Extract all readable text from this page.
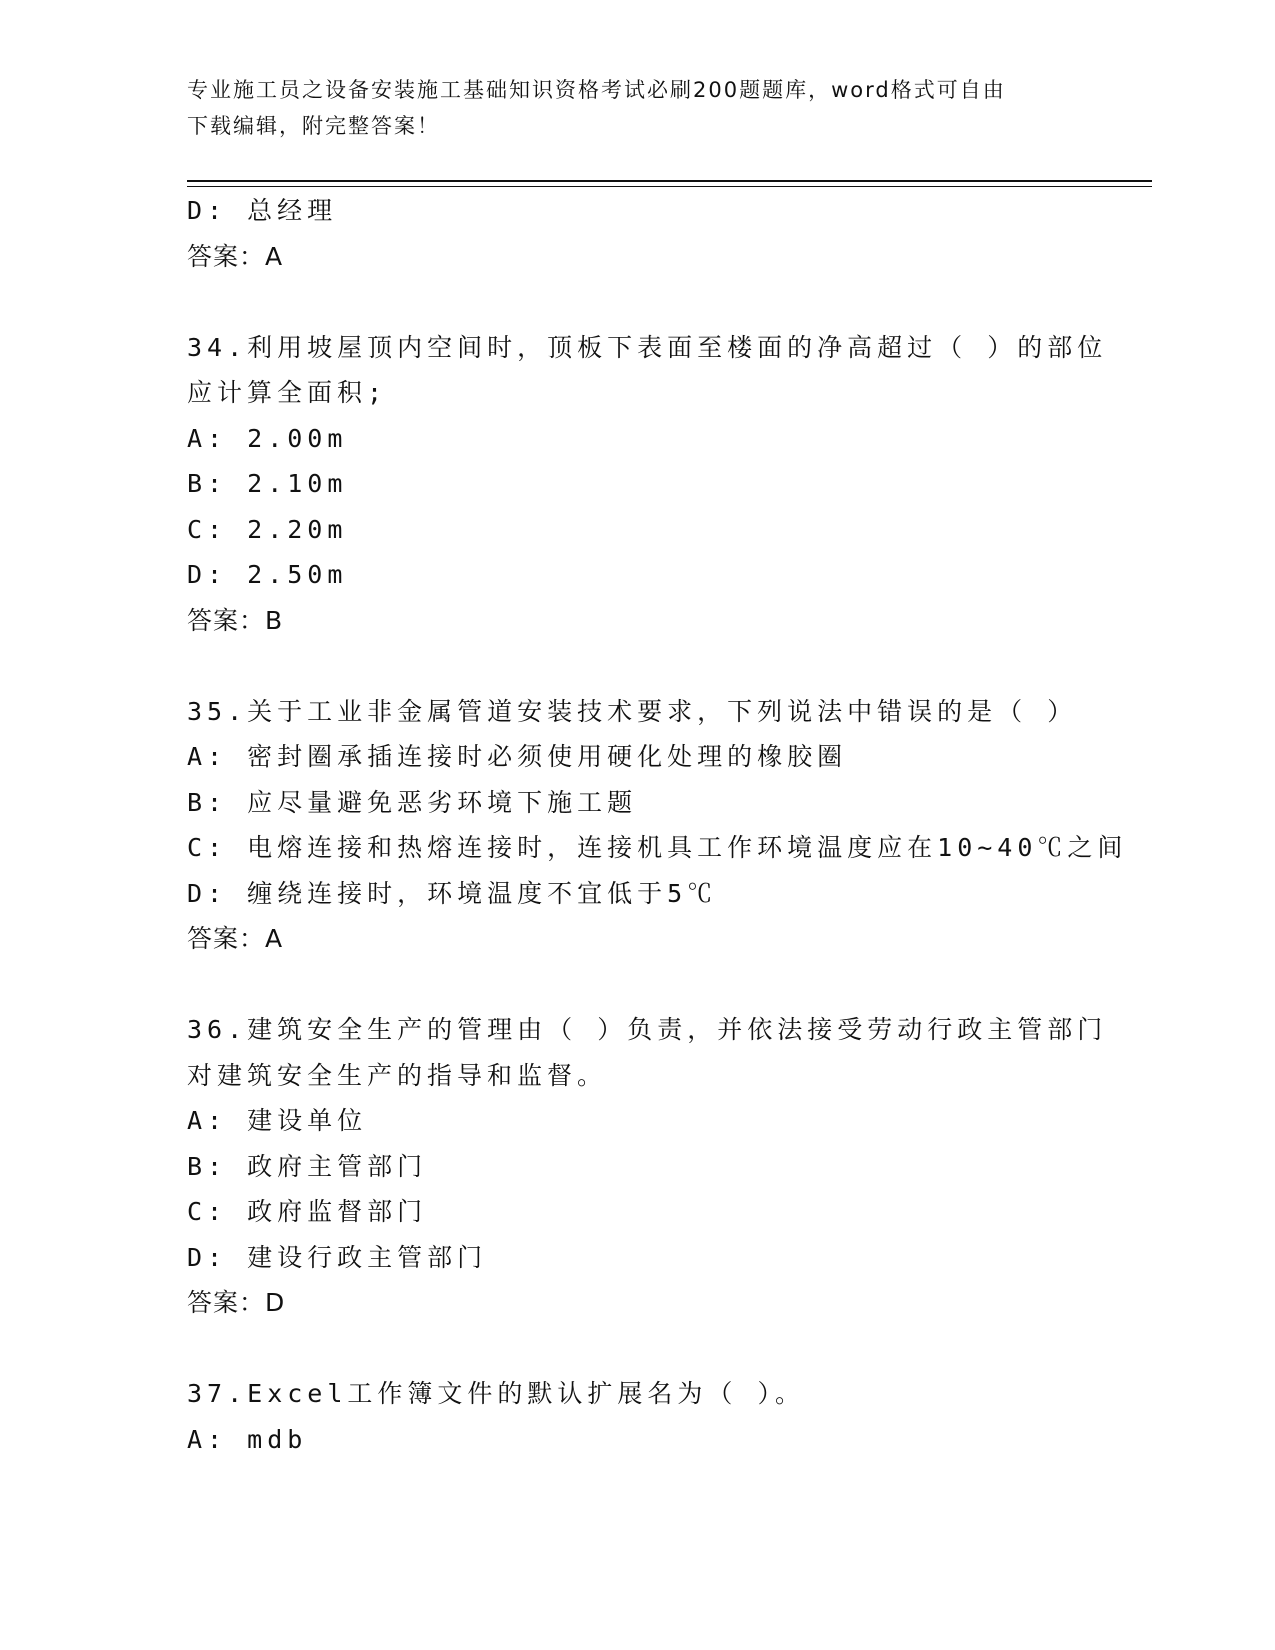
专业施工员之设备安装施工基础知识资格考试必刷200题题库，word格式可自由
下载编辑，附完整答案！
D: 总经理
答案：A
34.利用坡屋顶内空间时，顶板下表面至楼面的净高超过（ ）的部位
应计算全面积;
A: 2.00m
B: 2.10m
C: 2.20m
D: 2.50m
答案：B
35.关于工业非金属管道安装技术要求，下列说法中错误的是（ ）
A: 密封圈承插连接时必须使用硬化处理的橡胶圈
B: 应尽量避免恶劣环境下施工题
C: 电熔连接和热熔连接时，连接机具工作环境温度应在10~40℃之间
D: 缠绕连接时，环境温度不宜低于5℃
答案：A
36.建筑安全生产的管理由（ ）负责，并依法接受劳动行政主管部门
对建筑安全生产的指导和监督。
A: 建设单位
B: 政府主管部门
C: 政府监督部门
D: 建设行政主管部门
答案：D
37.Excel工作簿文件的默认扩展名为（ ）。
A: mdb
